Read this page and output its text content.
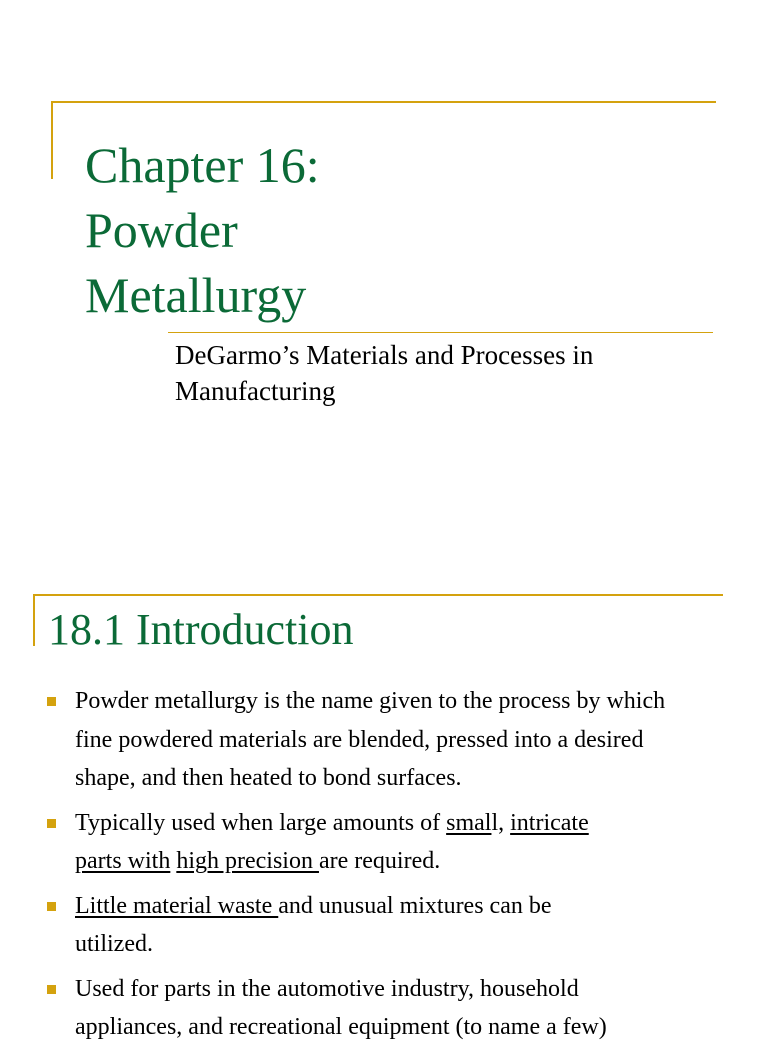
Chapter 16:
Powder
Metallurgy

DeGarmo’s Materials and Processes in
Manufacturing

18.1 Introduction
Powder metallurgy is the name given to the process by which
fine powdered materials are blended, pressed into a desired
shape, and then heated to bond surfaces.
Typically used when large amounts of small, intricate
parts with high precision are required.
Little material waste and unusual mixtures can be
utilized.
Used for parts in the automotive industry, household
appliances, and recreational equipment (to name a few)
